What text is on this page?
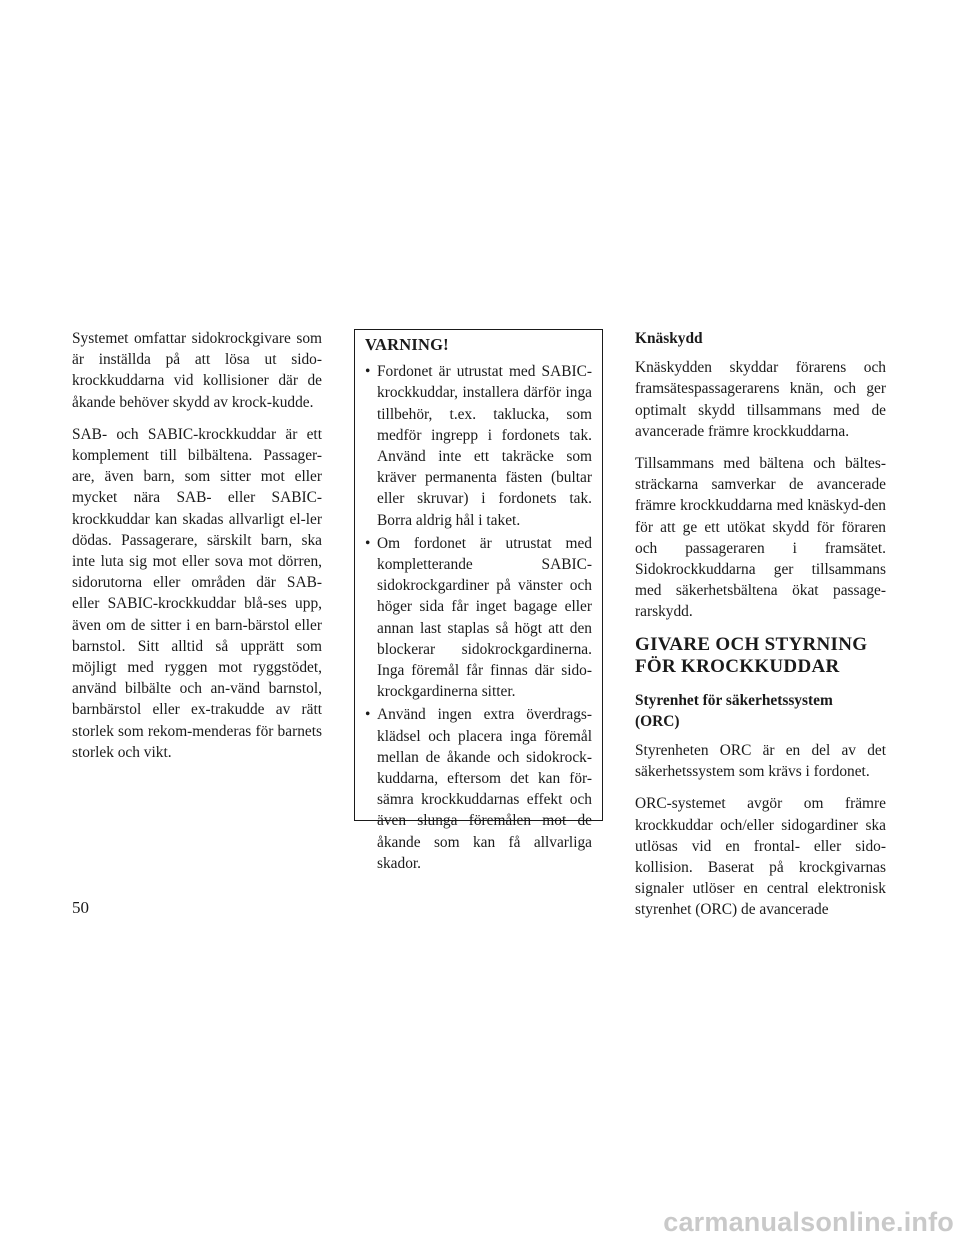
Systemet omfattar sidokrockgivare som är inställda på att lösa ut sido-krockkuddarna vid kollisioner där de åkande behöver skydd av krock-kudde.

SAB- och SABIC-krockkuddar är ett komplement till bilbältena. Passager-are, även barn, som sitter mot eller mycket nära SAB- eller SABIC-krockkuddar kan skadas allvarligt el-ler dödas. Passagerare, särskilt barn, ska inte luta sig mot eller sova mot dörren, sidorutorna eller områden där SAB- eller SABIC-krockkuddar blå-ses upp, även om de sitter i en barn-bärstol eller barnstol. Sitt alltid så upprätt som möjligt med ryggen mot ryggstödet, använd bilbälte och an-vänd barnstol, barnbärstol eller ex-trakudde av rätt storlek som rekom-menderas för barnets storlek och vikt.

VARNING!
• Fordonet är utrustat med SABIC-krockkuddar, installera därför inga tillbehör, t.ex. taklucka, som medför ingrepp i fordonets tak. Använd inte ett takräcke som kräver permanenta fästen (bultar eller skruvar) i fordonets tak. Borra aldrig hål i taket.
• Om fordonet är utrustat med kompletterande SABIC-sidokrockgardiner på vänster och höger sida får inget bagage eller annan last staplas så högt att den blockerar sidokrockgardinerna. Inga föremål får finnas där sido-krockgardinerna sitter.
• Använd ingen extra överdrags-klädsel och placera inga föremål mellan de åkande och sidokrock-kuddarna, eftersom det kan för-sämra krockkuddarnas effekt och även slunga föremålen mot de åkande som kan få allvarliga skador.
Knäskydd

Knäskydden skyddar förarens och framsätespassagerarens knän, och ger optimalt skydd tillsammans med de avancerade främre krockkuddarna.

Tillsammans med bältena och bältes-sträckarna samverkar de avancerade främre krockkuddarna med knäskyd-den för att ge ett utökat skydd för föraren och passageraren i framsätet. Sidokrockkuddarna ger tillsammans med säkerhetsbältena ökat passage-rarskydd.

GIVARE OCH STYRNING
FÖR KROCKKUDDAR
Styrenhet för säkerhetssystem
(ORC)

Styrenheten ORC är en del av det säkerhetssystem som krävs i fordonet.

ORC-systemet avgör om främre krockkuddar och/eller sidogardiner ska utlösas vid en frontal- eller sido-kollision. Baserat på krockgivarnas signaler utlöser en central elektronisk styrenhet (ORC) de avancerade

50
carmanualsonline.info
